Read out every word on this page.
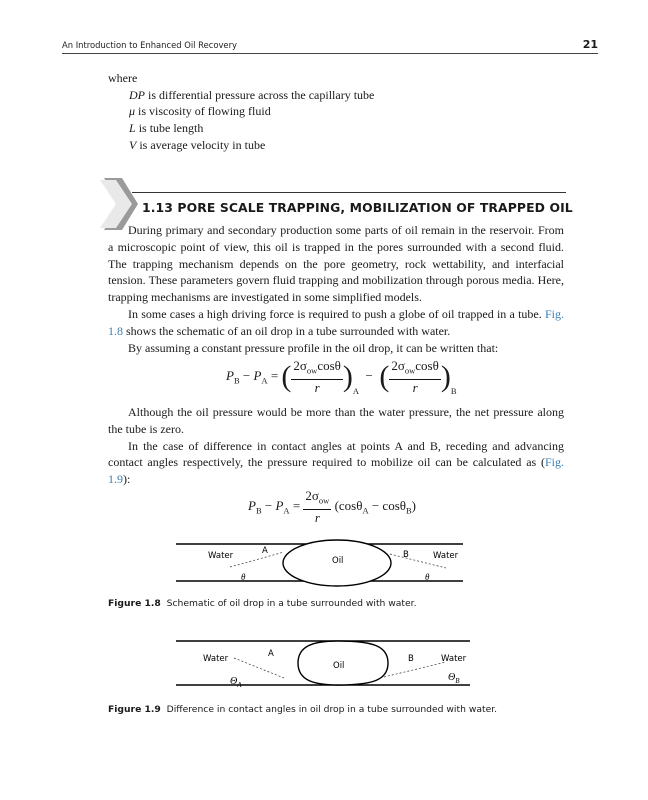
An Introduction to Enhanced Oil Recovery	21
where
DP is differential pressure across the capillary tube
μ is viscosity of flowing fluid
L is tube length
V is average velocity in tube
1.13 PORE SCALE TRAPPING, MOBILIZATION OF TRAPPED OIL

During primary and secondary production some parts of oil remain in the reservoir. From a microscopic point of view, this oil is trapped in the pores surrounded with a second fluid. The trapping mechanism depends on the pore geometry, rock wettability, and interfacial tension. These parameters govern fluid trapping and mobilization through porous media. Here, trapping mechanisms are investigated in some simplified models.

In some cases a high driving force is required to push a globe of oil trapped in a tube. Fig. 1.8 shows the schematic of an oil drop in a tube surrounded with water.

By assuming a constant pressure profile in the oil drop, it can be written that:

$P_B - P_A$ = ( $\frac{2\sigma_{ow}\cos\theta}{r} )_A$  − ( $\frac{2\sigma_{ow}\cos\theta}{r} )_B$

Although the oil pressure would be more than the water pressure, the net pressure along the tube is zero.

In the case of difference in contact angles at points A and B, receding and advancing contact angles respectively, the pressure required to mobilize oil can be calculated as (Fig. 1.9):

$P_B - P_A = \frac{2\sigma_{ow}}{r} (\cos\theta_A - \cos\theta_B)$
Water	Water
Oil
A	B
θ	θ
Figure 1.8 Schematic of oil drop in a tube surrounded with water.
Water	Water
Oil
A	B
$\Theta_A$
$\Theta_B$
Figure 1.9 Difference in contact angles in oil drop in a tube surrounded with water.
